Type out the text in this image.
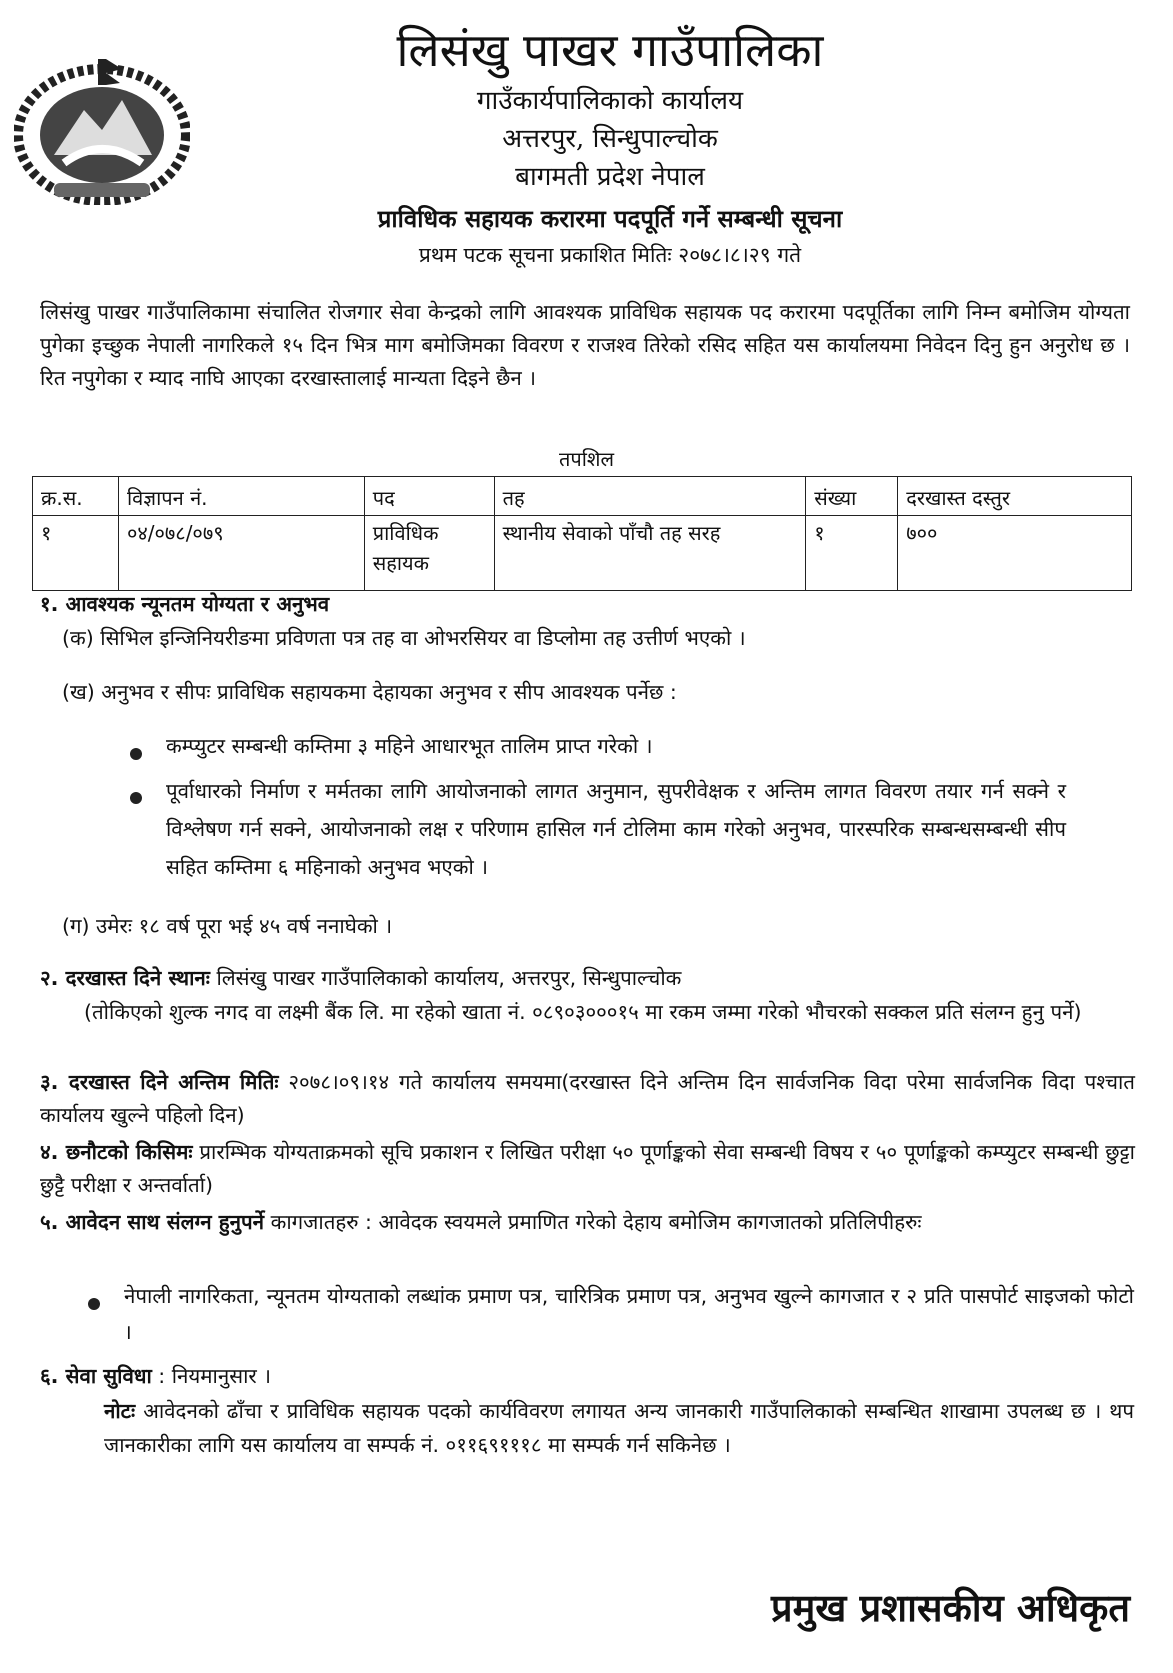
लिसंखु पाखर गाउँपालिका

गाउँकार्यपालिकाको कार्यालय

अत्तरपुर, सिन्धुपाल्चोक

बागमती प्रदेश नेपाल

प्राविधिक सहायक करारमा पदपूर्ति गर्ने सम्बन्धी सूचना

प्रथम पटक सूचना प्रकाशित मितिः २०७८।८।२९ गते

लिसंखु पाखर गाउँपालिकामा संचालित रोजगार सेवा केन्द्रको लागि आवश्यक प्राविधिक सहायक पद करारमा पदपूर्तिका लागि निम्न बमोजिम योग्यता पुगेका इच्छुक नेपाली नागरिकले १५ दिन भित्र माग बमोजिमका विवरण र राजश्व तिरेको रसिद सहित यस कार्यालयमा निवेदन दिनु हुन अनुरोध छ । रित नपुगेका र म्याद नाघि आएका दरखास्तालाई मान्यता दिइने छैन ।

तपशिल
क्र.स.	विज्ञापन नं.	पद	तह	संख्या	दरखास्त दस्तुर
१	०४/०७८/०७९	प्राविधिक सहायक	स्थानीय सेवाको पाँचौ तह सरह	१	७००

१. आवश्यक न्यूनतम योग्यता र अनुभव

(क) सिभिल इन्जिनियरीङमा प्रविणता पत्र तह वा ओभरसियर वा डिप्लोमा तह उत्तीर्ण भएको ।

(ख) अनुभव र सीपः प्राविधिक सहायकमा देहायका अनुभव र सीप आवश्यक पर्नेछ :

कम्प्युटर सम्बन्धी कम्तिमा ३ महिने आधारभूत तालिम प्राप्त गरेको ।

पूर्वाधारको निर्माण र मर्मतका लागि आयोजनाको लागत अनुमान, सुपरीवेक्षक र अन्तिम लागत विवरण तयार गर्न सक्ने र विश्लेषण गर्न सक्ने, आयोजनाको लक्ष र परिणाम हासिल गर्न टोलिमा काम गरेको अनुभव, पारस्परिक सम्बन्धसम्बन्धी सीप सहित कम्तिमा ६ महिनाको अनुभव भएको ।

(ग) उमेरः १८ वर्ष पूरा भई ४५ वर्ष ननाघेको ।

२. दरखास्त दिने स्थानः लिसंखु पाखर गाउँपालिकाको कार्यालय, अत्तरपुर, सिन्धुपाल्चोक

(तोकिएको शुल्क नगद वा लक्ष्मी बैंक लि. मा रहेको खाता नं. ०८९०३०००१५ मा रकम जम्मा गरेको भौचरको सक्कल प्रति संलग्न हुनु पर्ने)

३. दरखास्त दिने अन्तिम मितिः २०७८।०९।१४ गते कार्यालय समयमा(दरखास्त दिने अन्तिम दिन सार्वजनिक विदा परेमा सार्वजनिक विदा पश्चात कार्यालय खुल्ने पहिलो दिन)

४. छनौटको किसिमः प्रारम्भिक योग्यताक्रमको सूचि प्रकाशन र लिखित परीक्षा ५० पूर्णाङ्कको सेवा सम्बन्धी विषय र ५० पूर्णाङ्कको कम्प्युटर सम्बन्धी छुट्टा छुट्टै परीक्षा र अन्तर्वार्ता)

५. आवेदन साथ संलग्न हुनुपर्ने कागजातहरु : आवेदक स्वयमले प्रमाणित गरेको देहाय बमोजिम कागजातको प्रतिलिपीहरुः

नेपाली नागरिकता, न्यूनतम योग्यताको लब्धांक प्रमाण पत्र, चारित्रिक प्रमाण पत्र, अनुभव खुल्ने कागजात र २ प्रति पासपोर्ट साइजको फोटो ।

६. सेवा सुविधा : नियमानुसार ।

नोटः आवेदनको ढाँचा र प्राविधिक सहायक पदको कार्यविवरण लगायत अन्य जानकारी गाउँपालिकाको सम्बन्धित शाखामा उपलब्ध छ । थप जानकारीका लागि यस कार्यालय वा सम्पर्क नं. ०११६९१११८ मा सम्पर्क गर्न सकिनेछ ।

प्रमुख प्रशासकीय अधिकृत
